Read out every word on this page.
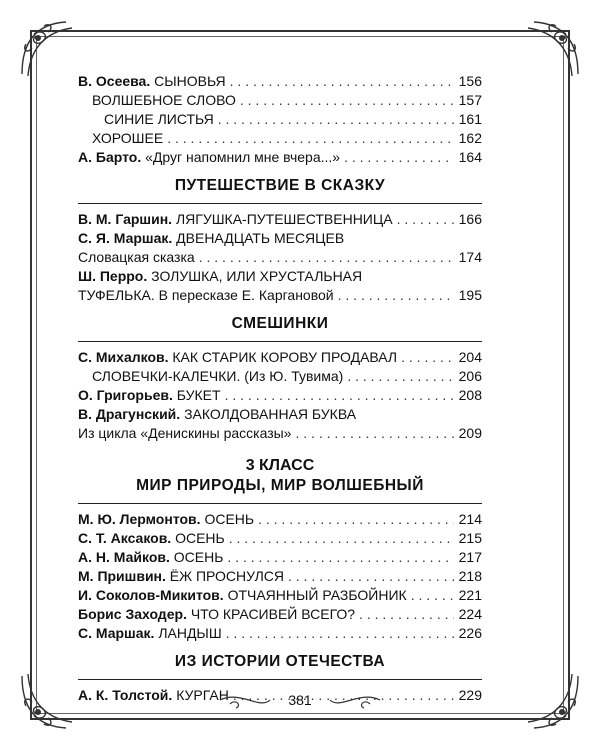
В. Осеева. СЫНОВЬЯ . . .	156
ВОЛШЕБНОЕ СЛОВО . . .	157
СИНИЕ ЛИСТЬЯ . . .	161
ХОРОШЕЕ . . .	162
А. Барто. «Друг напомнил мне вчера...» . . .	164
ПУТЕШЕСТВИЕ В СКАЗКУ
В. М. Гаршин. ЛЯГУШКА-ПУТЕШЕСТВЕННИЦА . . .	166
С. Я. Маршак. ДВЕНАДЦАТЬ МЕСЯЦЕВ
Словацкая сказка . . .	174
Ш. Перро. ЗОЛУШКА, ИЛИ ХРУСТАЛЬНАЯ
ТУФЕЛЬКА. В пересказе Е. Каргановой . . .	195
СМЕШИНКИ
С. Михалков. КАК СТАРИК КОРОВУ ПРОДАВАЛ . . .	204
СЛОВЕЧКИ-КАЛЕЧКИ. (Из Ю. Тувима) . . .	206
О. Григорьев. БУКЕТ . . .	208
В. Драгунский. ЗАКОЛДОВАННАЯ БУКВА
Из цикла «Денискины рассказы» . . .	209
3 КЛАСС
МИР ПРИРОДЫ, МИР ВОЛШЕБНЫЙ
М. Ю. Лермонтов. ОСЕНЬ . . .	214
С. Т. Аксаков. ОСЕНЬ . . .	215
А. Н. Майков. ОСЕНЬ . . .	217
М. Пришвин. ЁЖ ПРОСНУЛСЯ . . .	218
И. Соколов-Микитов. ОТЧАЯННЫЙ РАЗБОЙНИК . . .	221
Борис Заходер. ЧТО КРАСИВЕЙ ВСЕГО? . . .	224
С. Маршак. ЛАНДЫШ . . .	226
ИЗ ИСТОРИИ ОТЕЧЕСТВА
А. К. Толстой. КУРГАН . . .	229
381
